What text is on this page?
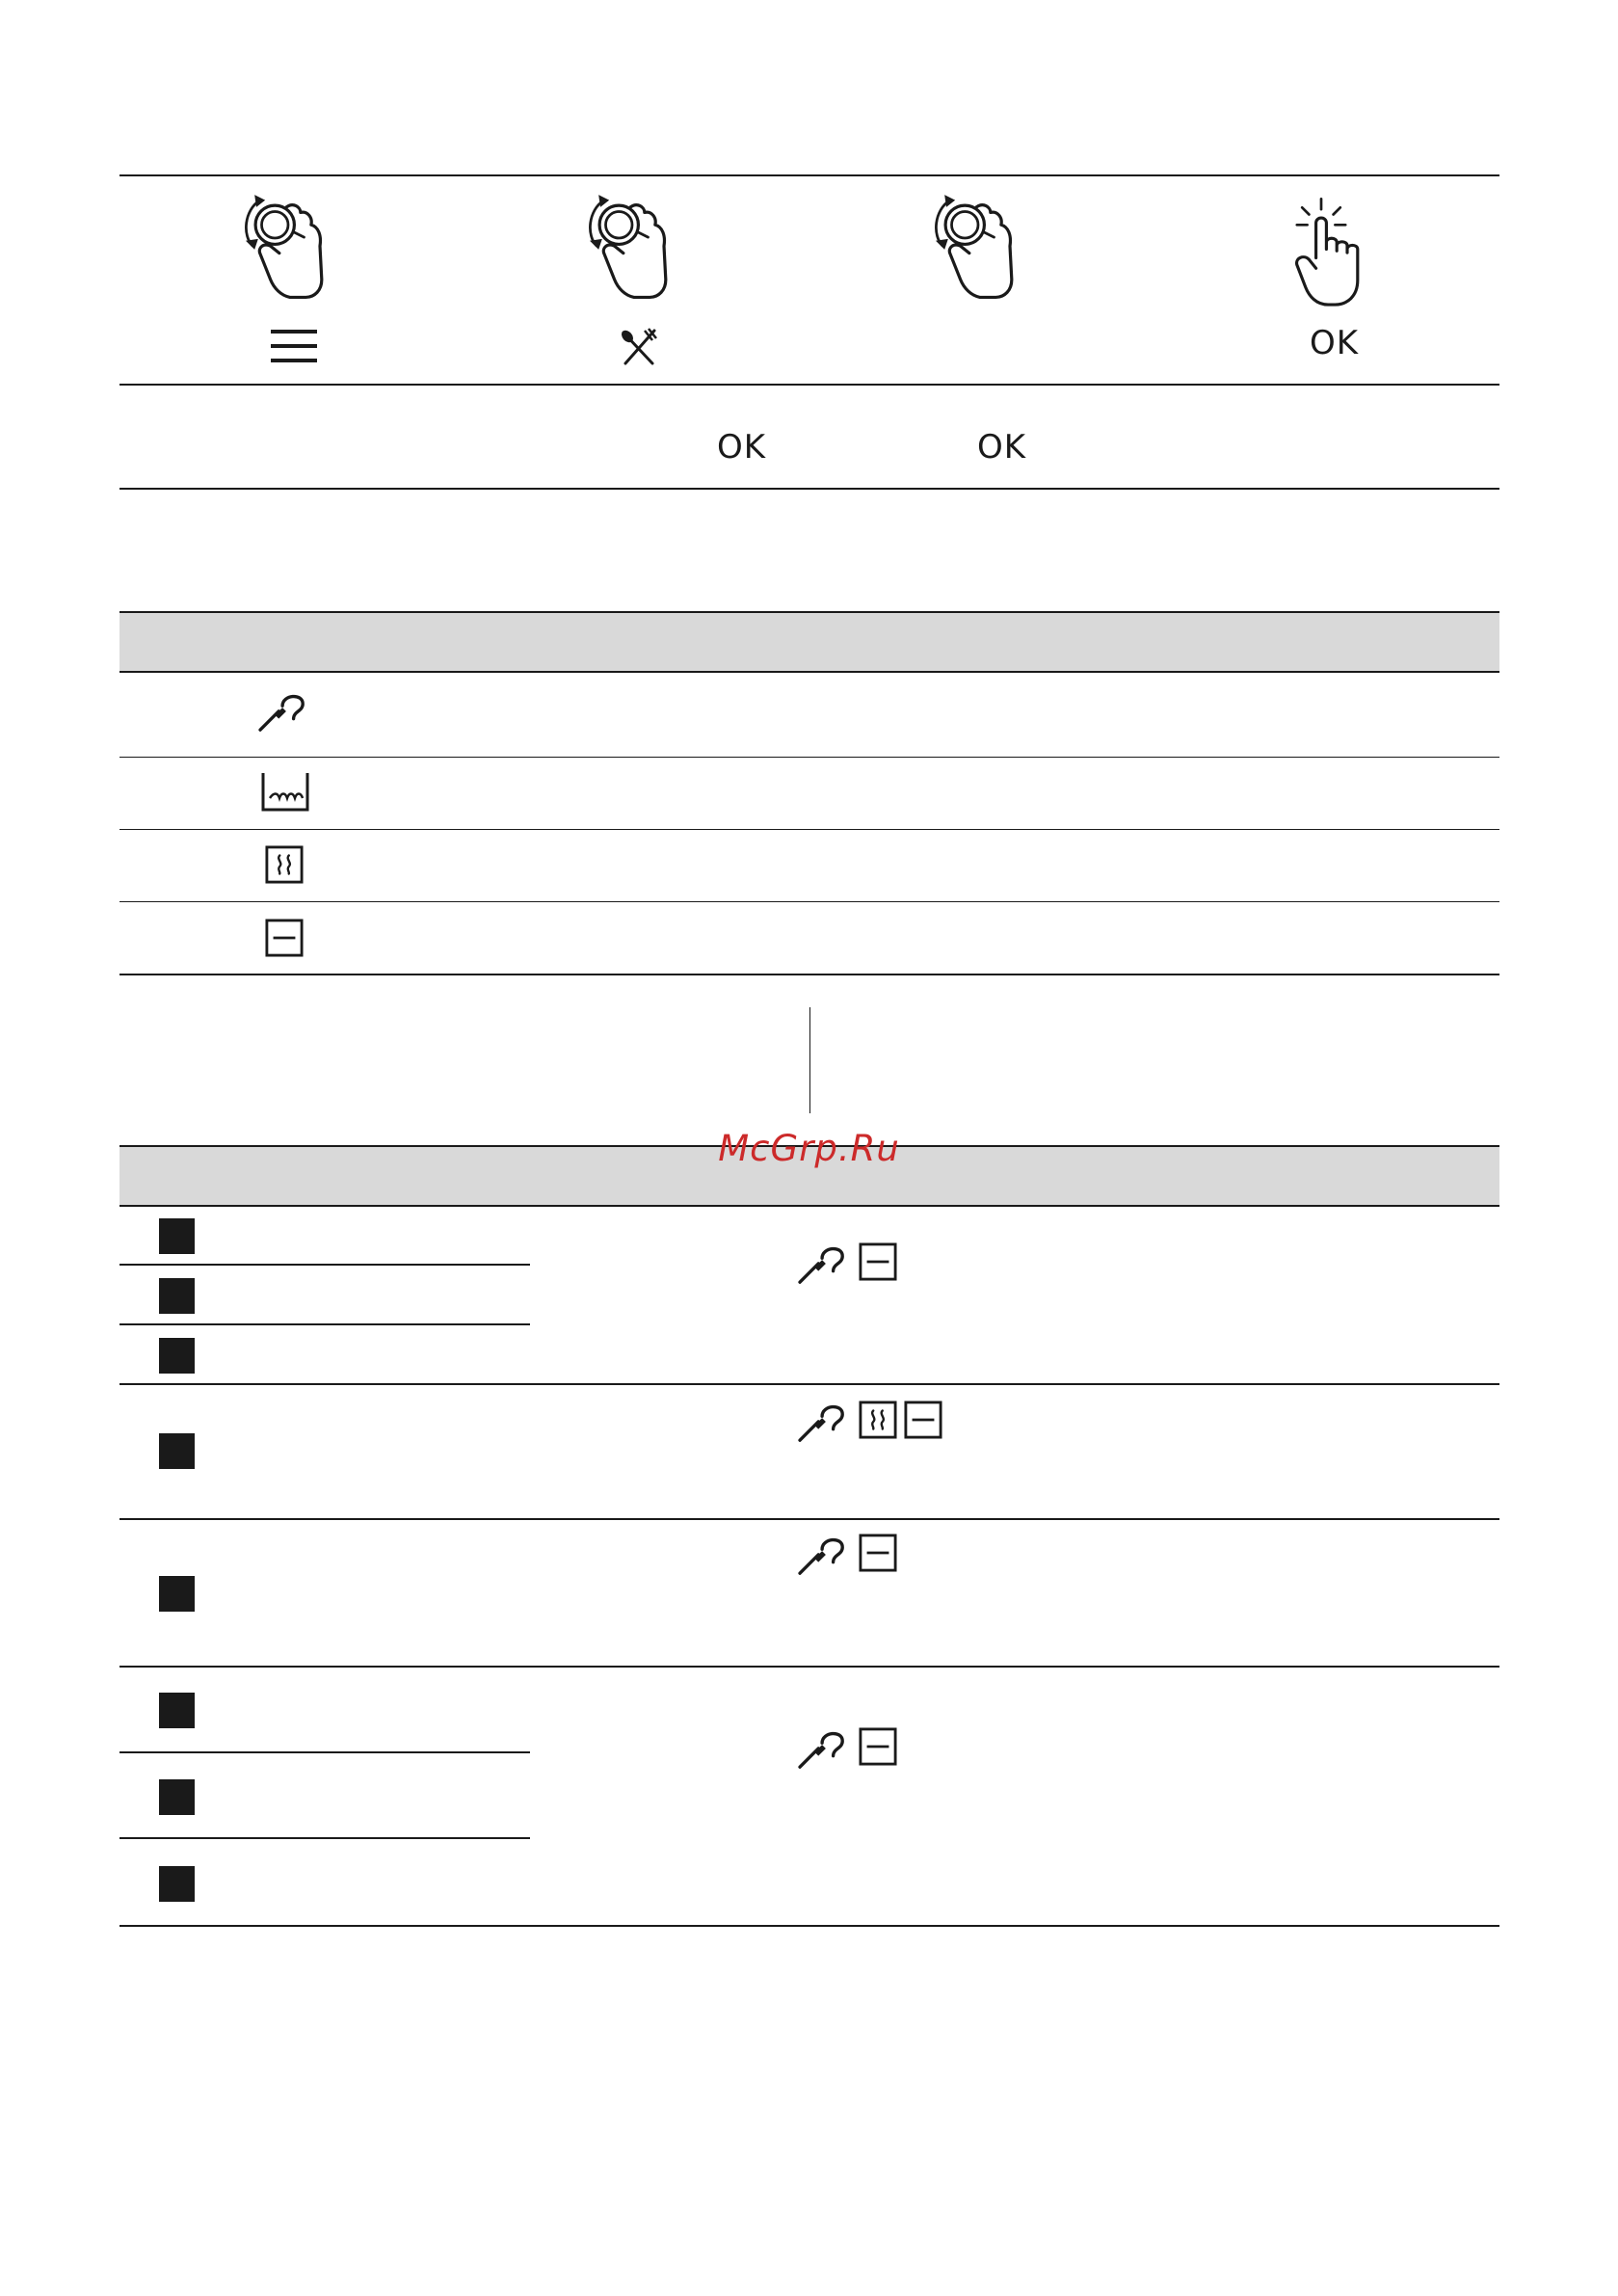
OK
OK	OK
McGrp.Ru
